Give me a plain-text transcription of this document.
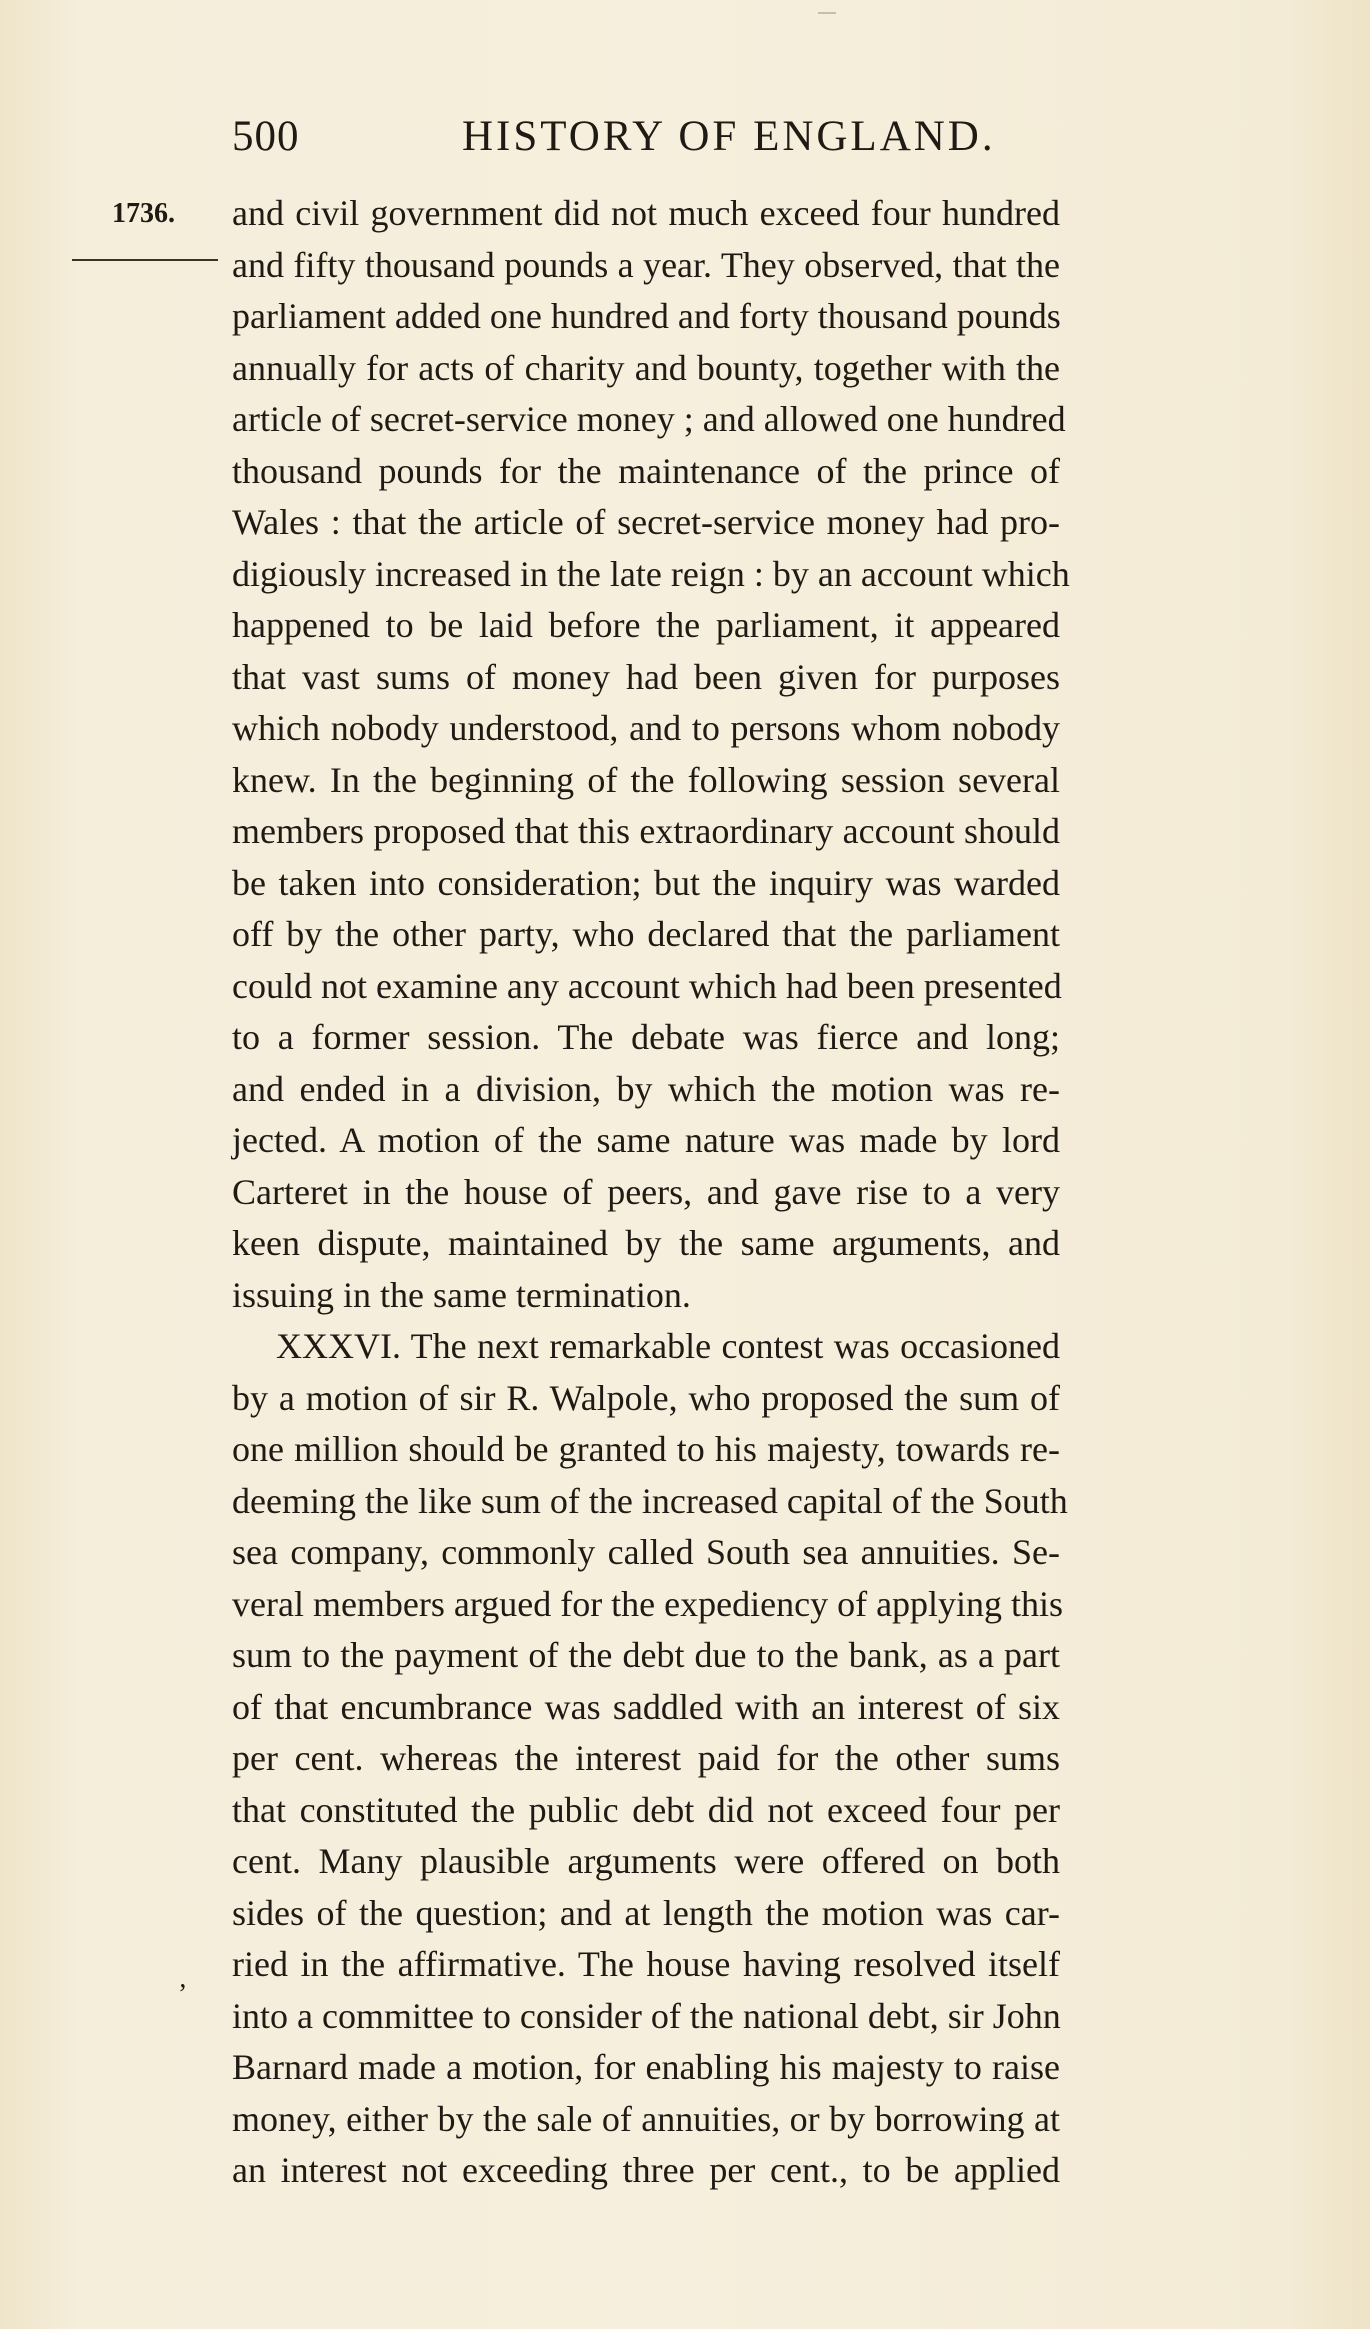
500	HISTORY OF ENGLAND.
1736.
‚
and civil government did not much exceed four hundred
and fifty thousand pounds a year. They observed, that the
parliament added one hundred and forty thousand pounds
annually for acts of charity and bounty, together with the
article of secret-service money ; and allowed one hundred
thousand pounds for the maintenance of the prince of
Wales : that the article of secret-service money had pro-
digiously increased in the late reign : by an account which
happened to be laid before the parliament, it appeared
that vast sums of money had been given for purposes
which nobody understood, and to persons whom nobody
knew. In the beginning of the following session several
members proposed that this extraordinary account should
be taken into consideration; but the inquiry was warded
off by the other party, who declared that the parliament
could not examine any account which had been presented
to a former session. The debate was fierce and long;
and ended in a division, by which the motion was re-
jected. A motion of the same nature was made by lord
Carteret in the house of peers, and gave rise to a very
keen dispute, maintained by the same arguments, and
issuing in the same termination.
XXXVI. The next remarkable contest was occasioned
by a motion of sir R. Walpole, who proposed the sum of
one million should be granted to his majesty, towards re-
deeming the like sum of the increased capital of the South
sea company, commonly called South sea annuities. Se-
veral members argued for the expediency of applying this
sum to the payment of the debt due to the bank, as a part
of that encumbrance was saddled with an interest of six
per cent. whereas the interest paid for the other sums
that constituted the public debt did not exceed four per
cent. Many plausible arguments were offered on both
sides of the question; and at length the motion was car-
ried in the affirmative. The house having resolved itself
into a committee to consider of the national debt, sir John
Barnard made a motion, for enabling his majesty to raise
money, either by the sale of annuities, or by borrowing at
an interest not exceeding three per cent., to be applied
